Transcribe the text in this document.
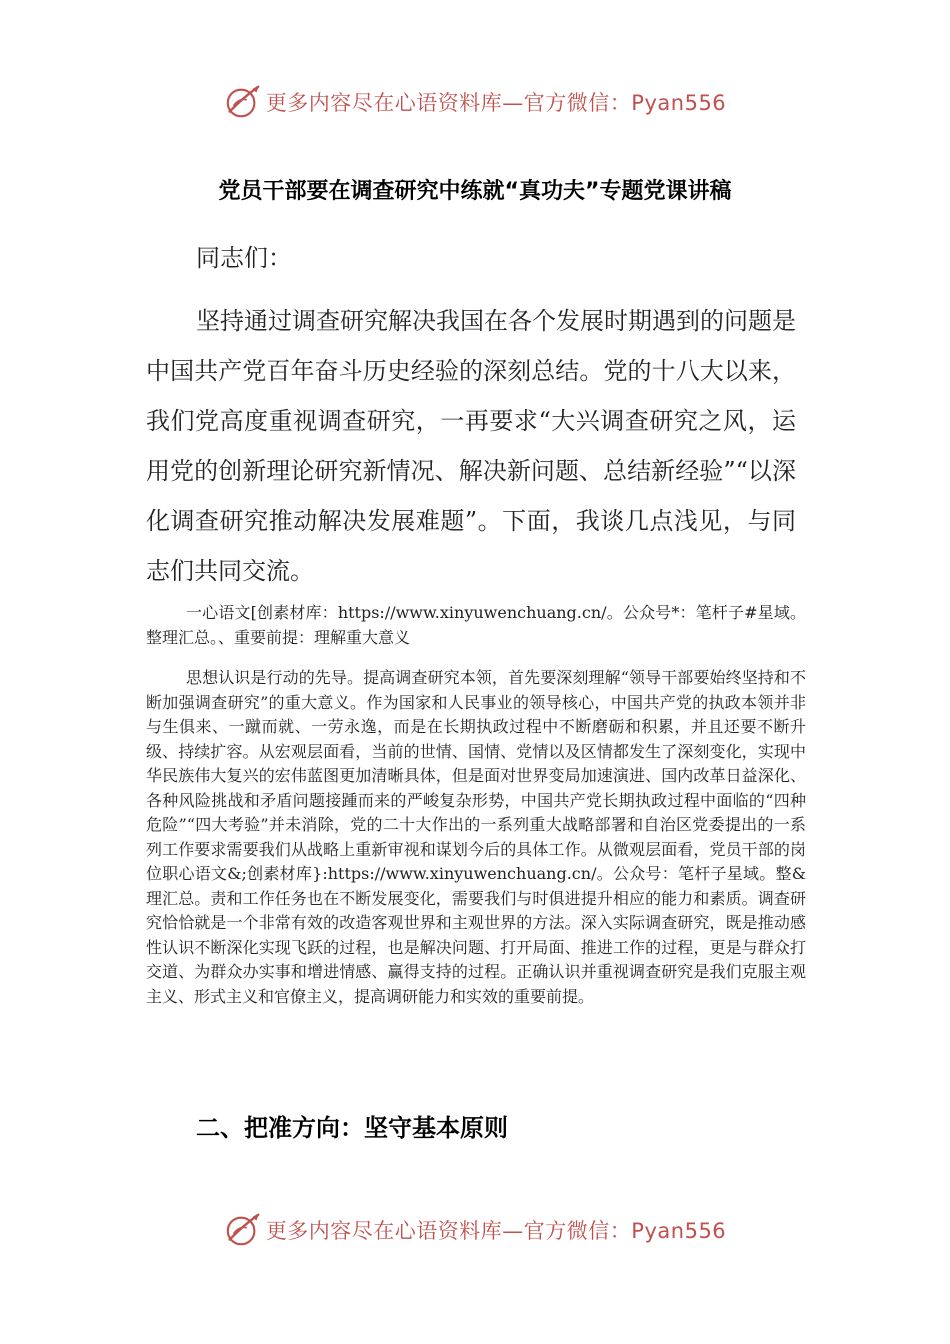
更多内容尽在心语资料库—官方微信：Pyan556
党员干部要在调查研究中练就“真功夫”专题党课讲稿
同志们：

坚持通过调查研究解决我国在各个发展时期遇到的问题是中国共产党百年奋斗历史经验的深刻总结。党的十八大以来，我们党高度重视调查研究，一再要求“大兴调查研究之风，运用党的创新理论研究新情况、解决新问题、总结新经验”“以深化调查研究推动解决发展难题”。下面，我谈几点浅见，与同志们共同交流。

一心语文[创素材库：https://www.xinyuwenchuang.cn/。公众号*：笔杆子#星域。整理汇总。、重要前提：理解重大意义

思想认识是行动的先导。提高调查研究本领，首先要深刻理解“领导干部要始终坚持和不断加强调查研究”的重大意义。作为国家和人民事业的领导核心，中国共产党的执政本领并非与生俱来、一蹴而就、一劳永逸，而是在长期执政过程中不断磨砺和积累，并且还要不断升级、持续扩容。从宏观层面看，当前的世情、国情、党情以及区情都发生了深刻变化，实现中华民族伟大复兴的宏伟蓝图更加清晰具体，但是面对世界变局加速演进、国内改革日益深化、各种风险挑战和矛盾问题接踵而来的严峻复杂形势，中国共产党长期执政过程中面临的“四种危险”“四大考验”并未消除，党的二十大作出的一系列重大战略部署和自治区党委提出的一系列工作要求需要我们从战略上重新审视和谋划今后的具体工作。从微观层面看，党员干部的岗位职心语文&;创素材库}:https://www.xinyuwenchuang.cn/。公众号：笔杆子星域。整&理汇总。责和工作任务也在不断发展变化，需要我们与时俱进提升相应的能力和素质。调查研究恰恰就是一个非常有效的改造客观世界和主观世界的方法。深入实际调查研究，既是推动感性认识不断深化实现飞跃的过程，也是解决问题、打开局面、推进工作的过程，更是与群众打交道、为群众办实事和增进情感、赢得支持的过程。正确认识并重视调查研究是我们克服主观主义、形式主义和官僚主义，提高调研能力和实效的重要前提。

二、把准方向：坚守基本原则
更多内容尽在心语资料库—官方微信：Pyan556
